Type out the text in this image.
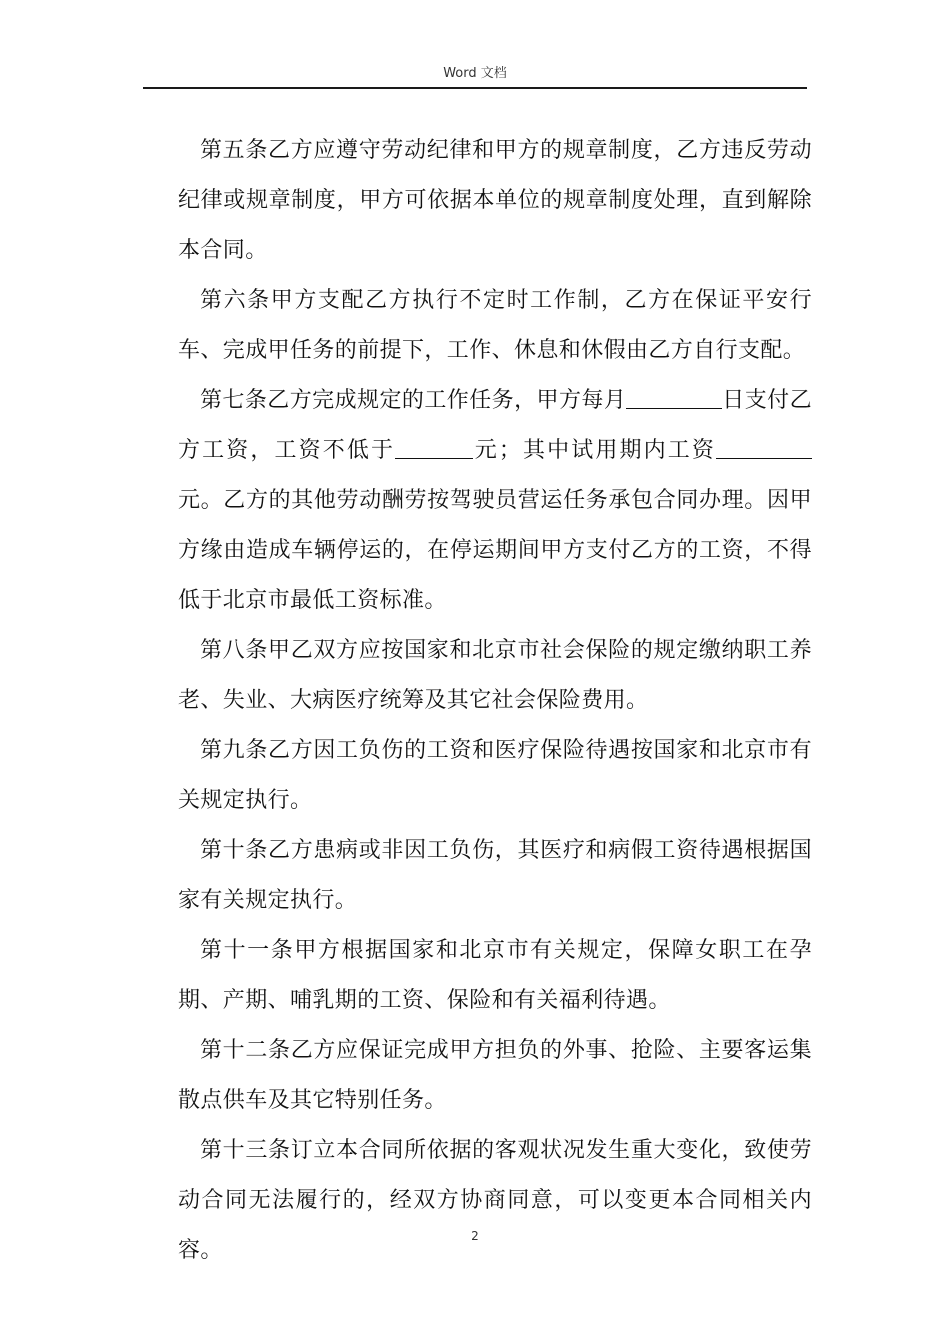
Word 文档

第五条乙方应遵守劳动纪律和甲方的规章制度，乙方违反劳动纪律或规章制度，甲方可依据本单位的规章制度处理，直到解除本合同。

第六条甲方支配乙方执行不定时工作制，乙方在保证平安行车、完成甲任务的前提下，工作、休息和休假由乙方自行支配。

第七条乙方完成规定的工作任务，甲方每月	日支付乙方工资，工资不低于	元；其中试用期内工资元。乙方的其他劳动酬劳按驾驶员营运任务承包合同办理。因甲方缘由造成车辆停运的，在停运期间甲方支付乙方的工资，不得低于北京市最低工资标准。

第八条甲乙双方应按国家和北京市社会保险的规定缴纳职工养老、失业、大病医疗统筹及其它社会保险费用。

第九条乙方因工负伤的工资和医疗保险待遇按国家和北京市有关规定执行。

第十条乙方患病或非因工负伤，其医疗和病假工资待遇根据国家有关规定执行。

第十一条甲方根据国家和北京市有关规定，保障女职工在孕期、产期、哺乳期的工资、保险和有关福利待遇。

第十二条乙方应保证完成甲方担负的外事、抢险、主要客运集散点供车及其它特别任务。

第十三条订立本合同所依据的客观状况发生重大变化，致使劳动合同无法履行的，经双方协商同意，可以变更本合同相关内容。

2
